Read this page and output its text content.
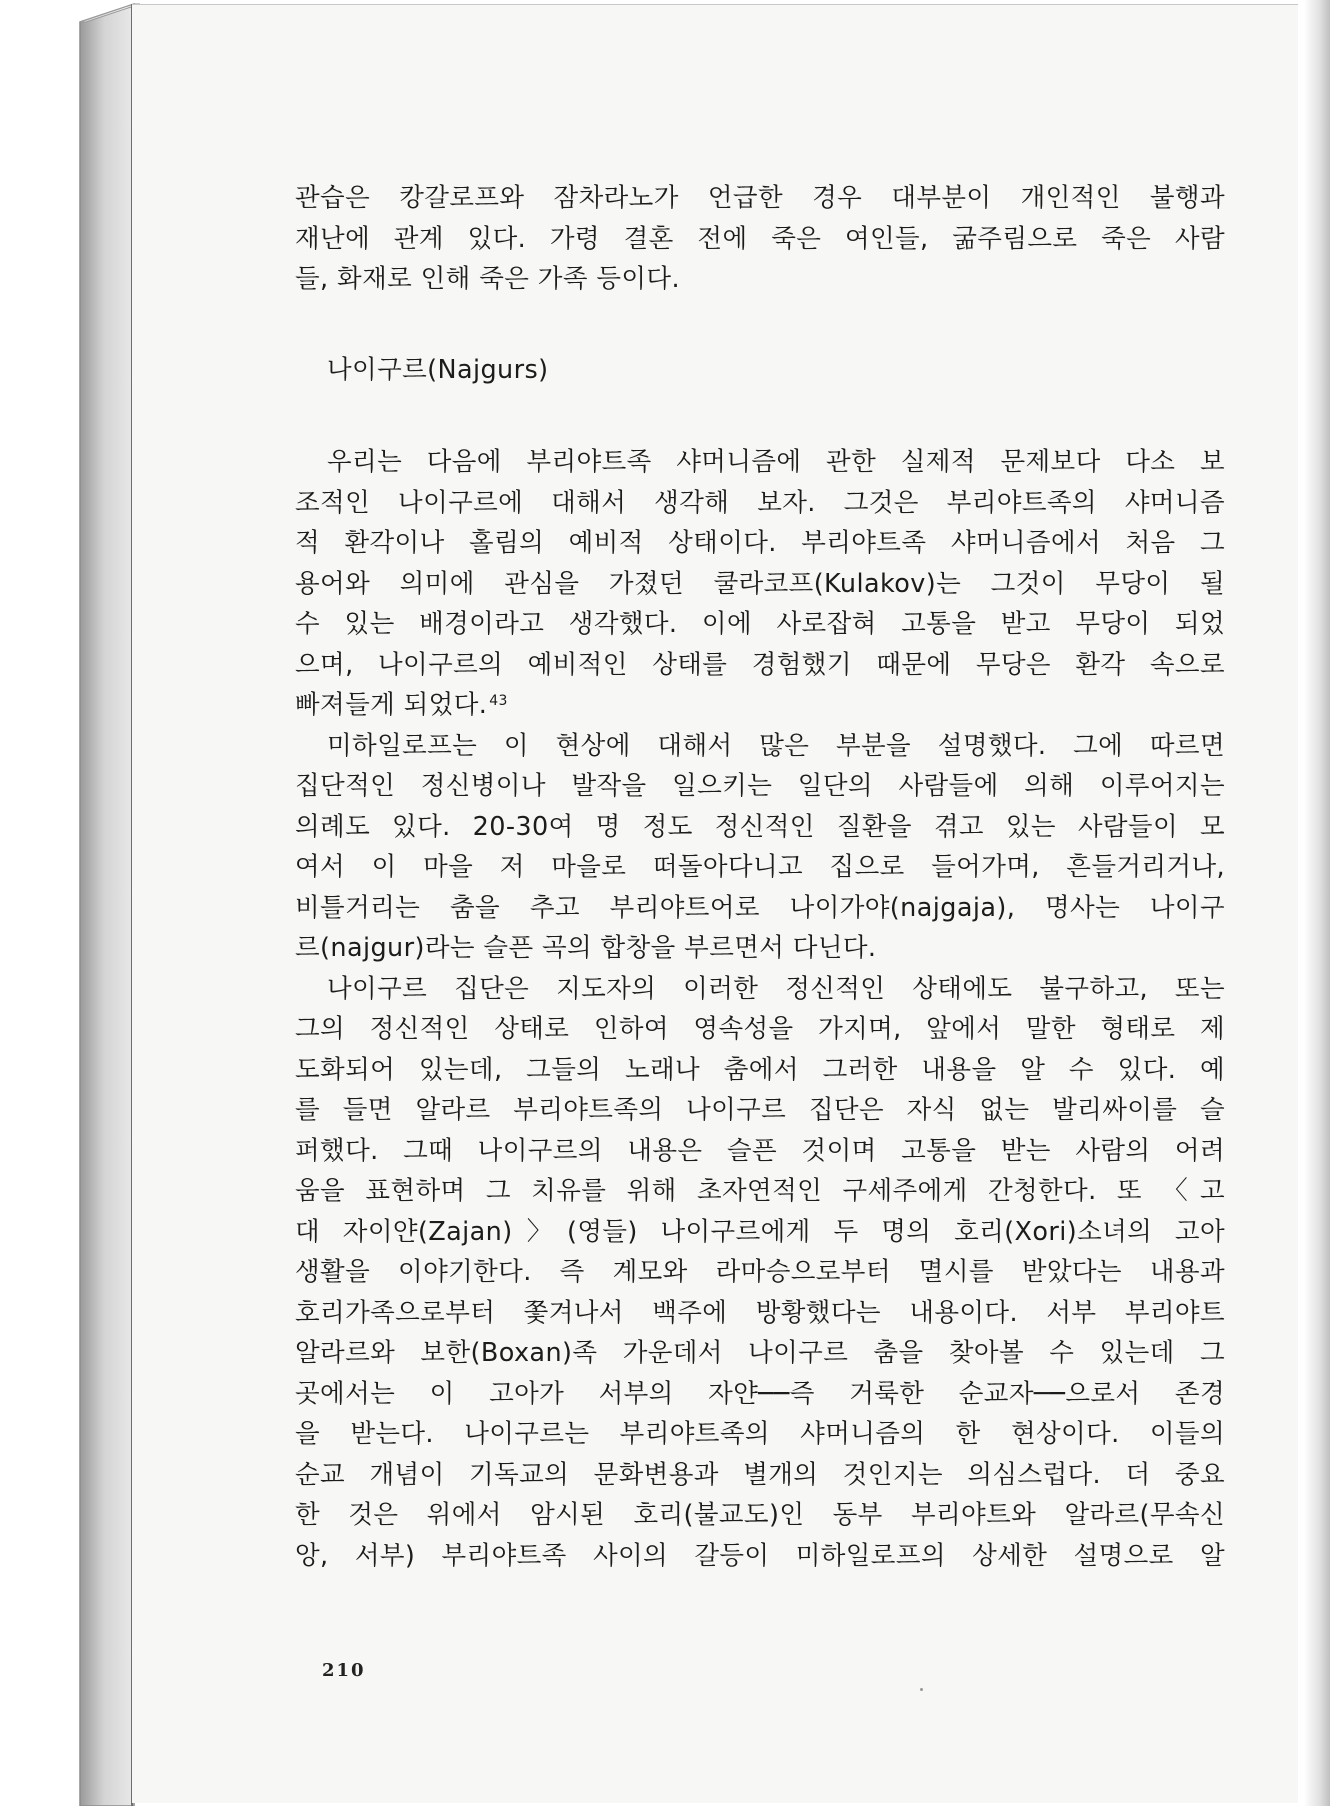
관습은 캉갈로프와 잠차라노가 언급한 경우 대부분이 개인적인 불행과
재난에 관계 있다. 가령 결혼 전에 죽은 여인들, 굶주림으로 죽은 사람
들, 화재로 인해 죽은 가족 등이다.
나이구르(Najgurs)
우리는 다음에 부리야트족 샤머니즘에 관한 실제적 문제보다 다소 보
조적인 나이구르에 대해서 생각해 보자. 그것은 부리야트족의 샤머니즘
적 환각이나 홀림의 예비적 상태이다. 부리야트족 샤머니즘에서 처음 그
용어와 의미에 관심을 가졌던 쿨라코프(Kulakov)는 그것이 무당이 될
수 있는 배경이라고 생각했다. 이에 사로잡혀 고통을 받고 무당이 되었
으며, 나이구르의 예비적인 상태를 경험했기 때문에 무당은 환각 속으로
빠져들게 되었다. $^{43}$
미하일로프는 이 현상에 대해서 많은 부분을 설명했다. 그에 따르면
집단적인 정신병이나 발작을 일으키는 일단의 사람들에 의해 이루어지는
의례도 있다. 20-30여 명 정도 정신적인 질환을 겪고 있는 사람들이 모
여서 이 마을 저 마을로 떠돌아다니고 집으로 들어가며, 흔들거리거나,
비틀거리는 춤을 추고 부리야트어로 나이가야(najgaja), 명사는 나이구
르(najgur)라는 슬픈 곡의 합창을 부르면서 다닌다.
나이구르 집단은 지도자의 이러한 정신적인 상태에도 불구하고, 또는
그의 정신적인 상태로 인하여 영속성을 가지며, 앞에서 말한 형태로 제
도화되어 있는데, 그들의 노래나 춤에서 그러한 내용을 알 수 있다. 예
를 들면 알라르 부리야트족의 나이구르 집단은 자식 없는 발리싸이를 슬
퍼했다. 그때 나이구르의 내용은 슬픈 것이며 고통을 받는 사람의 어려
움을 표현하며 그 치유를 위해 초자연적인 구세주에게 간청한다. 또 〈고
대 자이얀(Zajan)〉(영들) 나이구르에게 두 명의 호리(Xori)소녀의 고아
생활을 이야기한다. 즉 계모와 라마승으로부터 멸시를 받았다는 내용과
호리가족으로부터 쫓겨나서 백주에 방황했다는 내용이다. 서부 부리야트
알라르와 보한(Boxan)족 가운데서 나이구르 춤을 찾아볼 수 있는데 그
곳에서는 이 고아가 서부의 자얀──즉 거룩한 순교자──으로서 존경
을 받는다. 나이구르는 부리야트족의 샤머니즘의 한 현상이다. 이들의
순교 개념이 기독교의 문화변용과 별개의 것인지는 의심스럽다. 더 중요
한 것은 위에서 암시된 호리(불교도)인 동부 부리야트와 알라르(무속신
앙, 서부) 부리야트족 사이의 갈등이 미하일로프의 상세한 설명으로 알
210
